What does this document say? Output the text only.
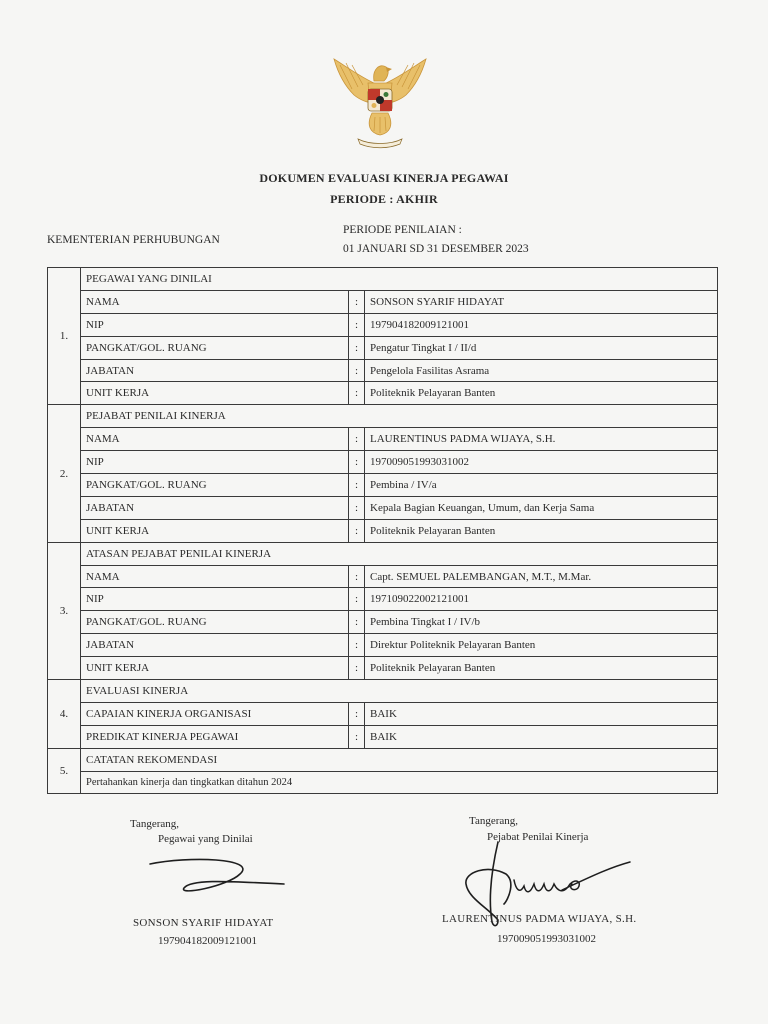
DOKUMEN EVALUASI KINERJA PEGAWAI
PERIODE : AKHIR
KEMENTERIAN PERHUBUNGAN
PERIODE PENILAIAN :
01 JANUARI SD 31 DESEMBER 2023
1.	PEGAWAI YANG DINILAI		
	NAMA	:	SONSON SYARIF HIDAYAT
	NIP	:	197904182009121001
	PANGKAT/GOL. RUANG	:	Pengatur Tingkat I / II/d
	JABATAN	:	Pengelola Fasilitas Asrama
	UNIT KERJA	:	Politeknik Pelayaran Banten
2.	PEJABAT PENILAI KINERJA		
	NAMA	:	LAURENTINUS PADMA WIJAYA, S.H.
	NIP	:	197009051993031002
	PANGKAT/GOL. RUANG	:	Pembina / IV/a
	JABATAN	:	Kepala Bagian Keuangan, Umum, dan Kerja Sama
	UNIT KERJA	:	Politeknik Pelayaran Banten
3.	ATASAN PEJABAT PENILAI KINERJA		
	NAMA	:	Capt. SEMUEL PALEMBANGAN, M.T., M.Mar.
	NIP	:	197109022002121001
	PANGKAT/GOL. RUANG	:	Pembina Tingkat I / IV/b
	JABATAN	:	Direktur Politeknik Pelayaran Banten
	UNIT KERJA	:	Politeknik Pelayaran Banten
4.	EVALUASI KINERJA		
	CAPAIAN KINERJA ORGANISASI	:	BAIK
	PREDIKAT KINERJA PEGAWAI	:	BAIK
5.	CATATAN REKOMENDASI		
	Pertahankan kinerja dan tingkatkan ditahun 2024		
Tangerang,
Pegawai yang Dinilai
SONSON SYARIF HIDAYAT
197904182009121001
Tangerang,
Pejabat Penilai Kinerja
LAURENTINUS PADMA WIJAYA, S.H.
197009051993031002
